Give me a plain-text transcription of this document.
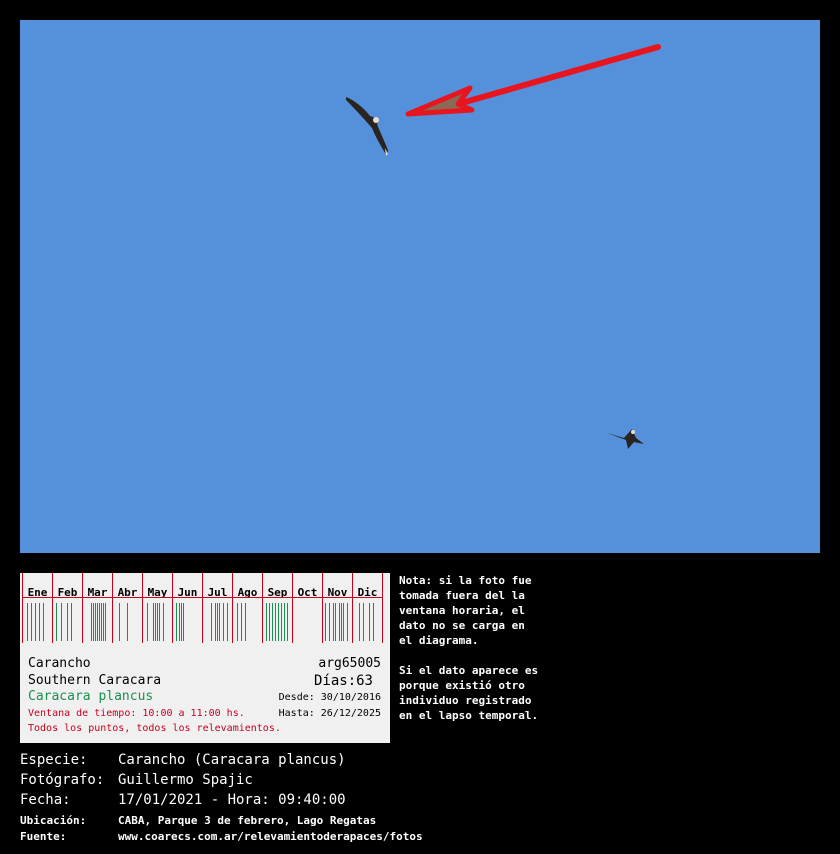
Ene Feb Mar Abr May Jun Jul Ago Sep Oct Nov Dic
Carancho	arg65005
Southern Caracara	Días:63
Caracara plancus	Desde: 30/10/2016
Ventana de tiempo: 10:00 a 11:00 hs.	Hasta: 26/12/2025
Todos los puntos, todos los relevamientos.
Nota: si la foto fue
tomada fuera del la
ventana horaria, el
dato no se carga en
el diagrama.

Si el dato aparece es
porque existió otro
individuo registrado
en el lapso temporal.
Especie: Carancho (Caracara plancus)
Fotógrafo: Guillermo Spajic
Fecha:	17/01/2021 - Hora: 09:40:00
Ubicación:	CABA, Parque 3 de febrero, Lago Regatas
Fuente:	www.coarecs.com.ar/relevamientoderapaces/fotos
